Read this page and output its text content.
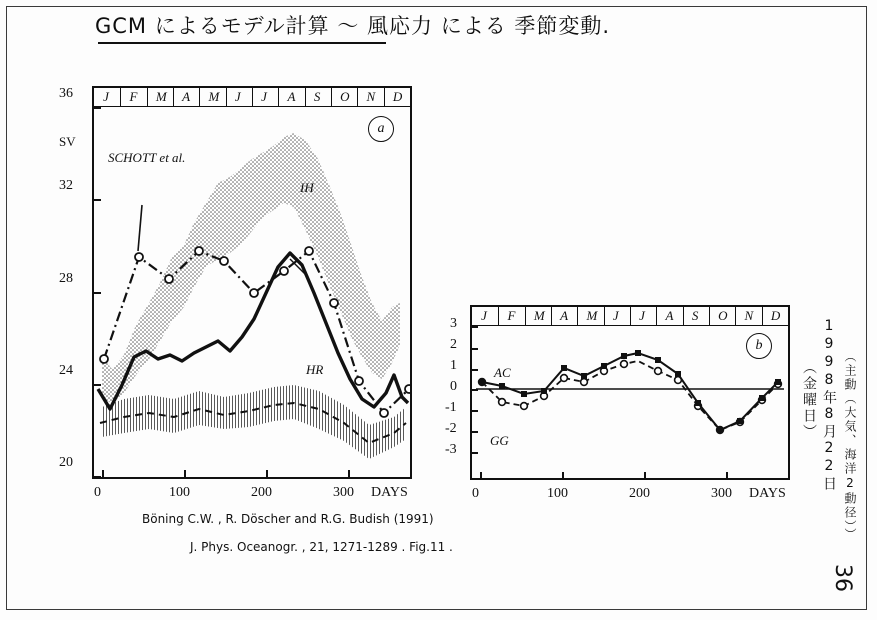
GCM によるモデル計算 ～ 風応力 による 季節変動.
J F M A M J J A S O N D
a
SCHOTT et al.
IH
HR
36
32
28
24
20
SV
0	100	200	300 DAYS
J F M A M J J A S O N D
b
AC
GG
3
2
1
0
-1
-2
-3
0	100	200	300 DAYS
Böning C.W. , R. Döscher and R.G. Budish (1991)
J. Phys. Oceanogr. , 21, 1271-1289 . Fig.11 .
1998年8月22日
（金曜日） （主動（大気、海洋2動径））
36
